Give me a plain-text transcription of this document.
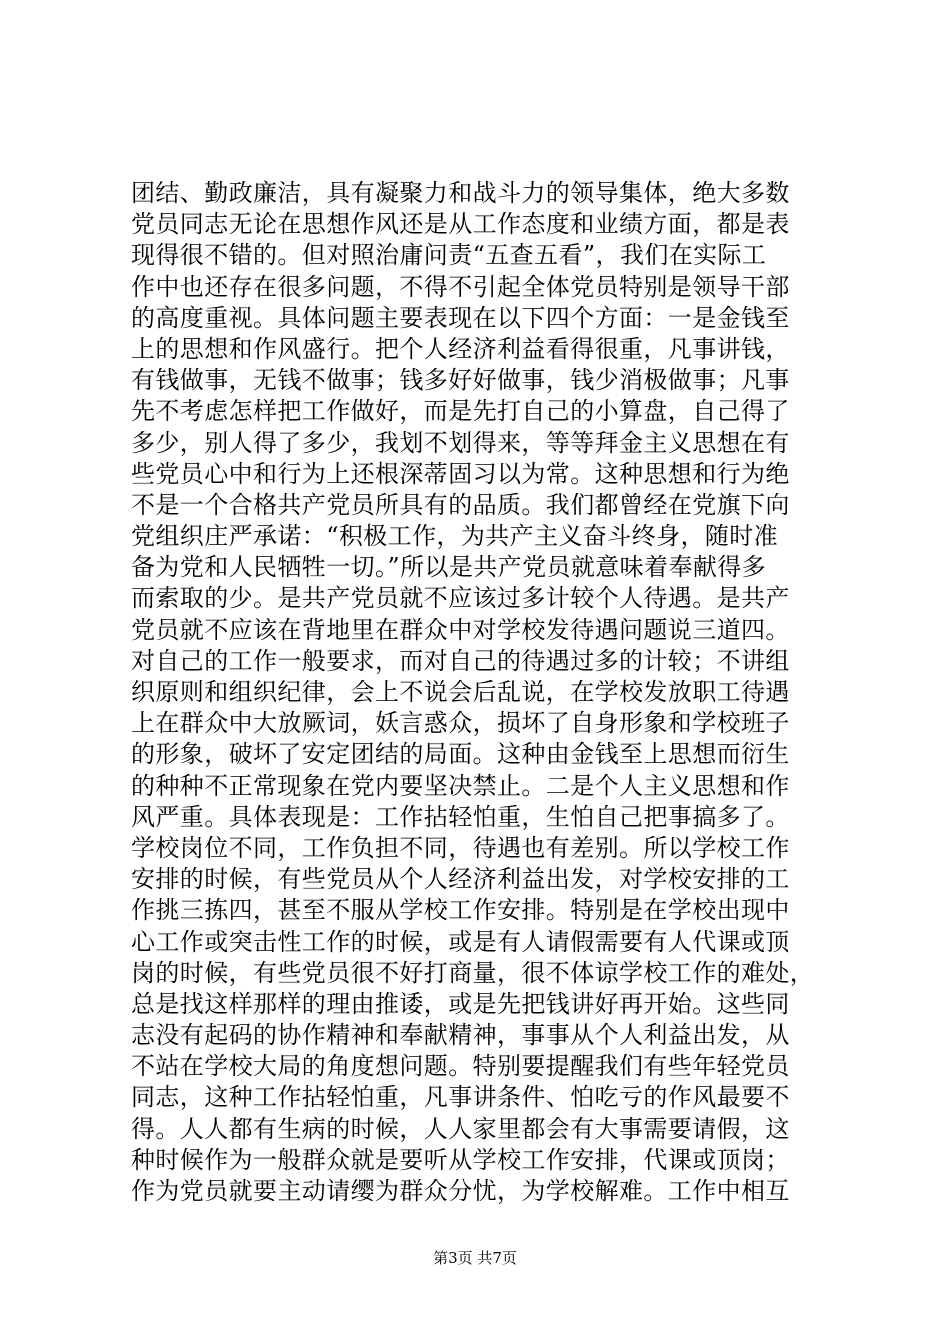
团结、勤政廉洁，具有凝聚力和战斗力的领导集体，绝大多数
党员同志无论在思想作风还是从工作态度和业绩方面，都是表
现得很不错的。但对照治庸问责“五查五看”，我们在实际工
作中也还存在很多问题，不得不引起全体党员特别是领导干部
的高度重视。具体问题主要表现在以下四个方面：一是金钱至
上的思想和作风盛行。把个人经济利益看得很重，凡事讲钱，
有钱做事，无钱不做事；钱多好好做事，钱少消极做事；凡事
先不考虑怎样把工作做好，而是先打自己的小算盘，自己得了
多少，别人得了多少，我划不划得来，等等拜金主义思想在有
些党员心中和行为上还根深蒂固习以为常。这种思想和行为绝
不是一个合格共产党员所具有的品质。我们都曾经在党旗下向
党组织庄严承诺：“积极工作，为共产主义奋斗终身，随时准
备为党和人民牺牲一切。”所以是共产党员就意味着奉献得多
而索取的少。是共产党员就不应该过多计较个人待遇。是共产
党员就不应该在背地里在群众中对学校发待遇问题说三道四。
对自己的工作一般要求，而对自己的待遇过多的计较；不讲组
织原则和组织纪律，会上不说会后乱说，在学校发放职工待遇
上在群众中大放厥词，妖言惑众，损坏了自身形象和学校班子
的形象，破坏了安定团结的局面。这种由金钱至上思想而衍生
的种种不正常现象在党内要坚决禁止。二是个人主义思想和作
风严重。具体表现是：工作拈轻怕重，生怕自己把事搞多了。
学校岗位不同，工作负担不同，待遇也有差别。所以学校工作
安排的时候，有些党员从个人经济利益出发，对学校安排的工
作挑三拣四，甚至不服从学校工作安排。特别是在学校出现中
心工作或突击性工作的时候，或是有人请假需要有人代课或顶
岗的时候，有些党员很不好打商量，很不体谅学校工作的难处，
总是找这样那样的理由推诿，或是先把钱讲好再开始。这些同
志没有起码的协作精神和奉献精神，事事从个人利益出发，从
不站在学校大局的角度想问题。特别要提醒我们有些年轻党员
同志，这种工作拈轻怕重，凡事讲条件、怕吃亏的作风最要不
得。人人都有生病的时候，人人家里都会有大事需要请假，这
种时候作为一般群众就是要听从学校工作安排，代课或顶岗；
作为党员就要主动请缨为群众分忧，为学校解难。工作中相互
第3页 共7页
